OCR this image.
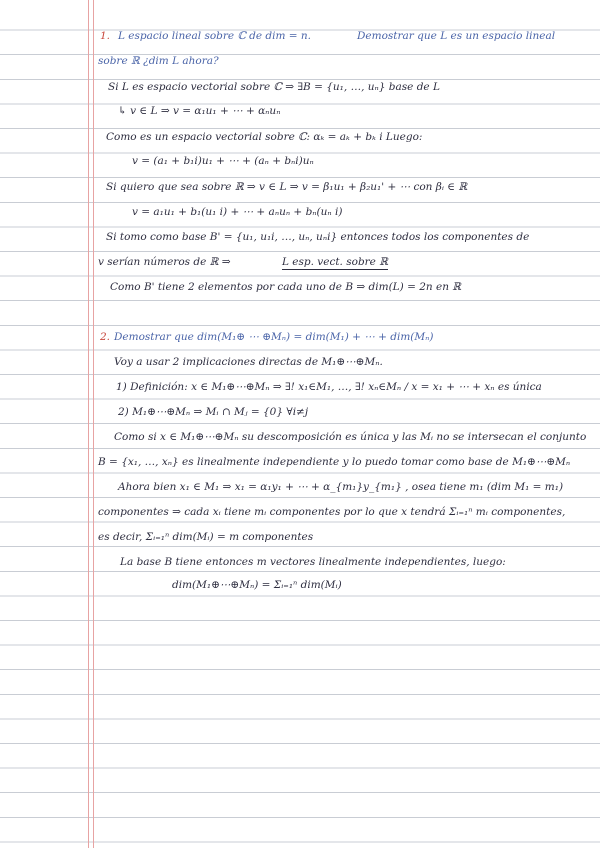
1. L espacio lineal sobre ℂ de dim = n.	Demostrar que L es un espacio lineal
sobre ℝ ¿dim L ahora?
Si L es espacio vectorial sobre ℂ ⇒ ∃B = {u₁, …, uₙ} base de L
↳ v ∈ L ⇒ v = α₁u₁ + ⋯ + αₙuₙ
Como es un espacio vectorial sobre ℂ: αₖ = aₖ + bₖ i Luego:
v = (a₁ + b₁i)u₁ + ⋯ + (aₙ + bₙi)uₙ
Si quiero que sea sobre ℝ ⇒ v ∈ L ⇒ v = β₁u₁ + β₂u₁' + ⋯ con βᵢ ∈ ℝ
v = a₁u₁ + b₁(u₁ i) + ⋯ + aₙuₙ + bₙ(uₙ i)
Si tomo como base B' = {u₁, u₁i, …, uₙ, uₙi} entonces todos los componentes de
v serían números de ℝ ⇒	L esp. vect. sobre ℝ
Como B' tiene 2 elementos por cada uno de B ⇒ dim(L) = 2n en ℝ
2. Demostrar que dim(M₁⊕ ⋯ ⊕Mₙ) = dim(M₁) + ⋯ + dim(Mₙ)
Voy a usar 2 implicaciones directas de M₁⊕⋯⊕Mₙ.
1) Definición: x ∈ M₁⊕⋯⊕Mₙ ⇒ ∃! x₁∈M₁, …, ∃! xₙ∈Mₙ / x = x₁ + ⋯ + xₙ es única
2) M₁⊕⋯⊕Mₙ ⇒ Mᵢ ∩ Mⱼ = {0} ∀i≠j
Como si x ∈ M₁⊕⋯⊕Mₙ su descomposición es única y las Mᵢ no se intersecan el conjunto
B = {x₁, …, xₙ} es linealmente independiente y lo puedo tomar como base de M₁⊕⋯⊕Mₙ
Ahora bien x₁ ∈ M₁ ⇒ x₁ = α₁y₁ + ⋯ + α_{m₁}y_{m₁} , osea tiene m₁ (dim M₁ = m₁)
componentes ⇒ cada xᵢ tiene mᵢ componentes por lo que x tendrá Σᵢ₌₁ⁿ mᵢ componentes,
es decir, Σᵢ₌₁ⁿ dim(Mᵢ) = m componentes
La base B tiene entonces m vectores linealmente independientes, luego:
dim(M₁⊕⋯⊕Mₙ) = Σᵢ₌₁ⁿ dim(Mᵢ)
